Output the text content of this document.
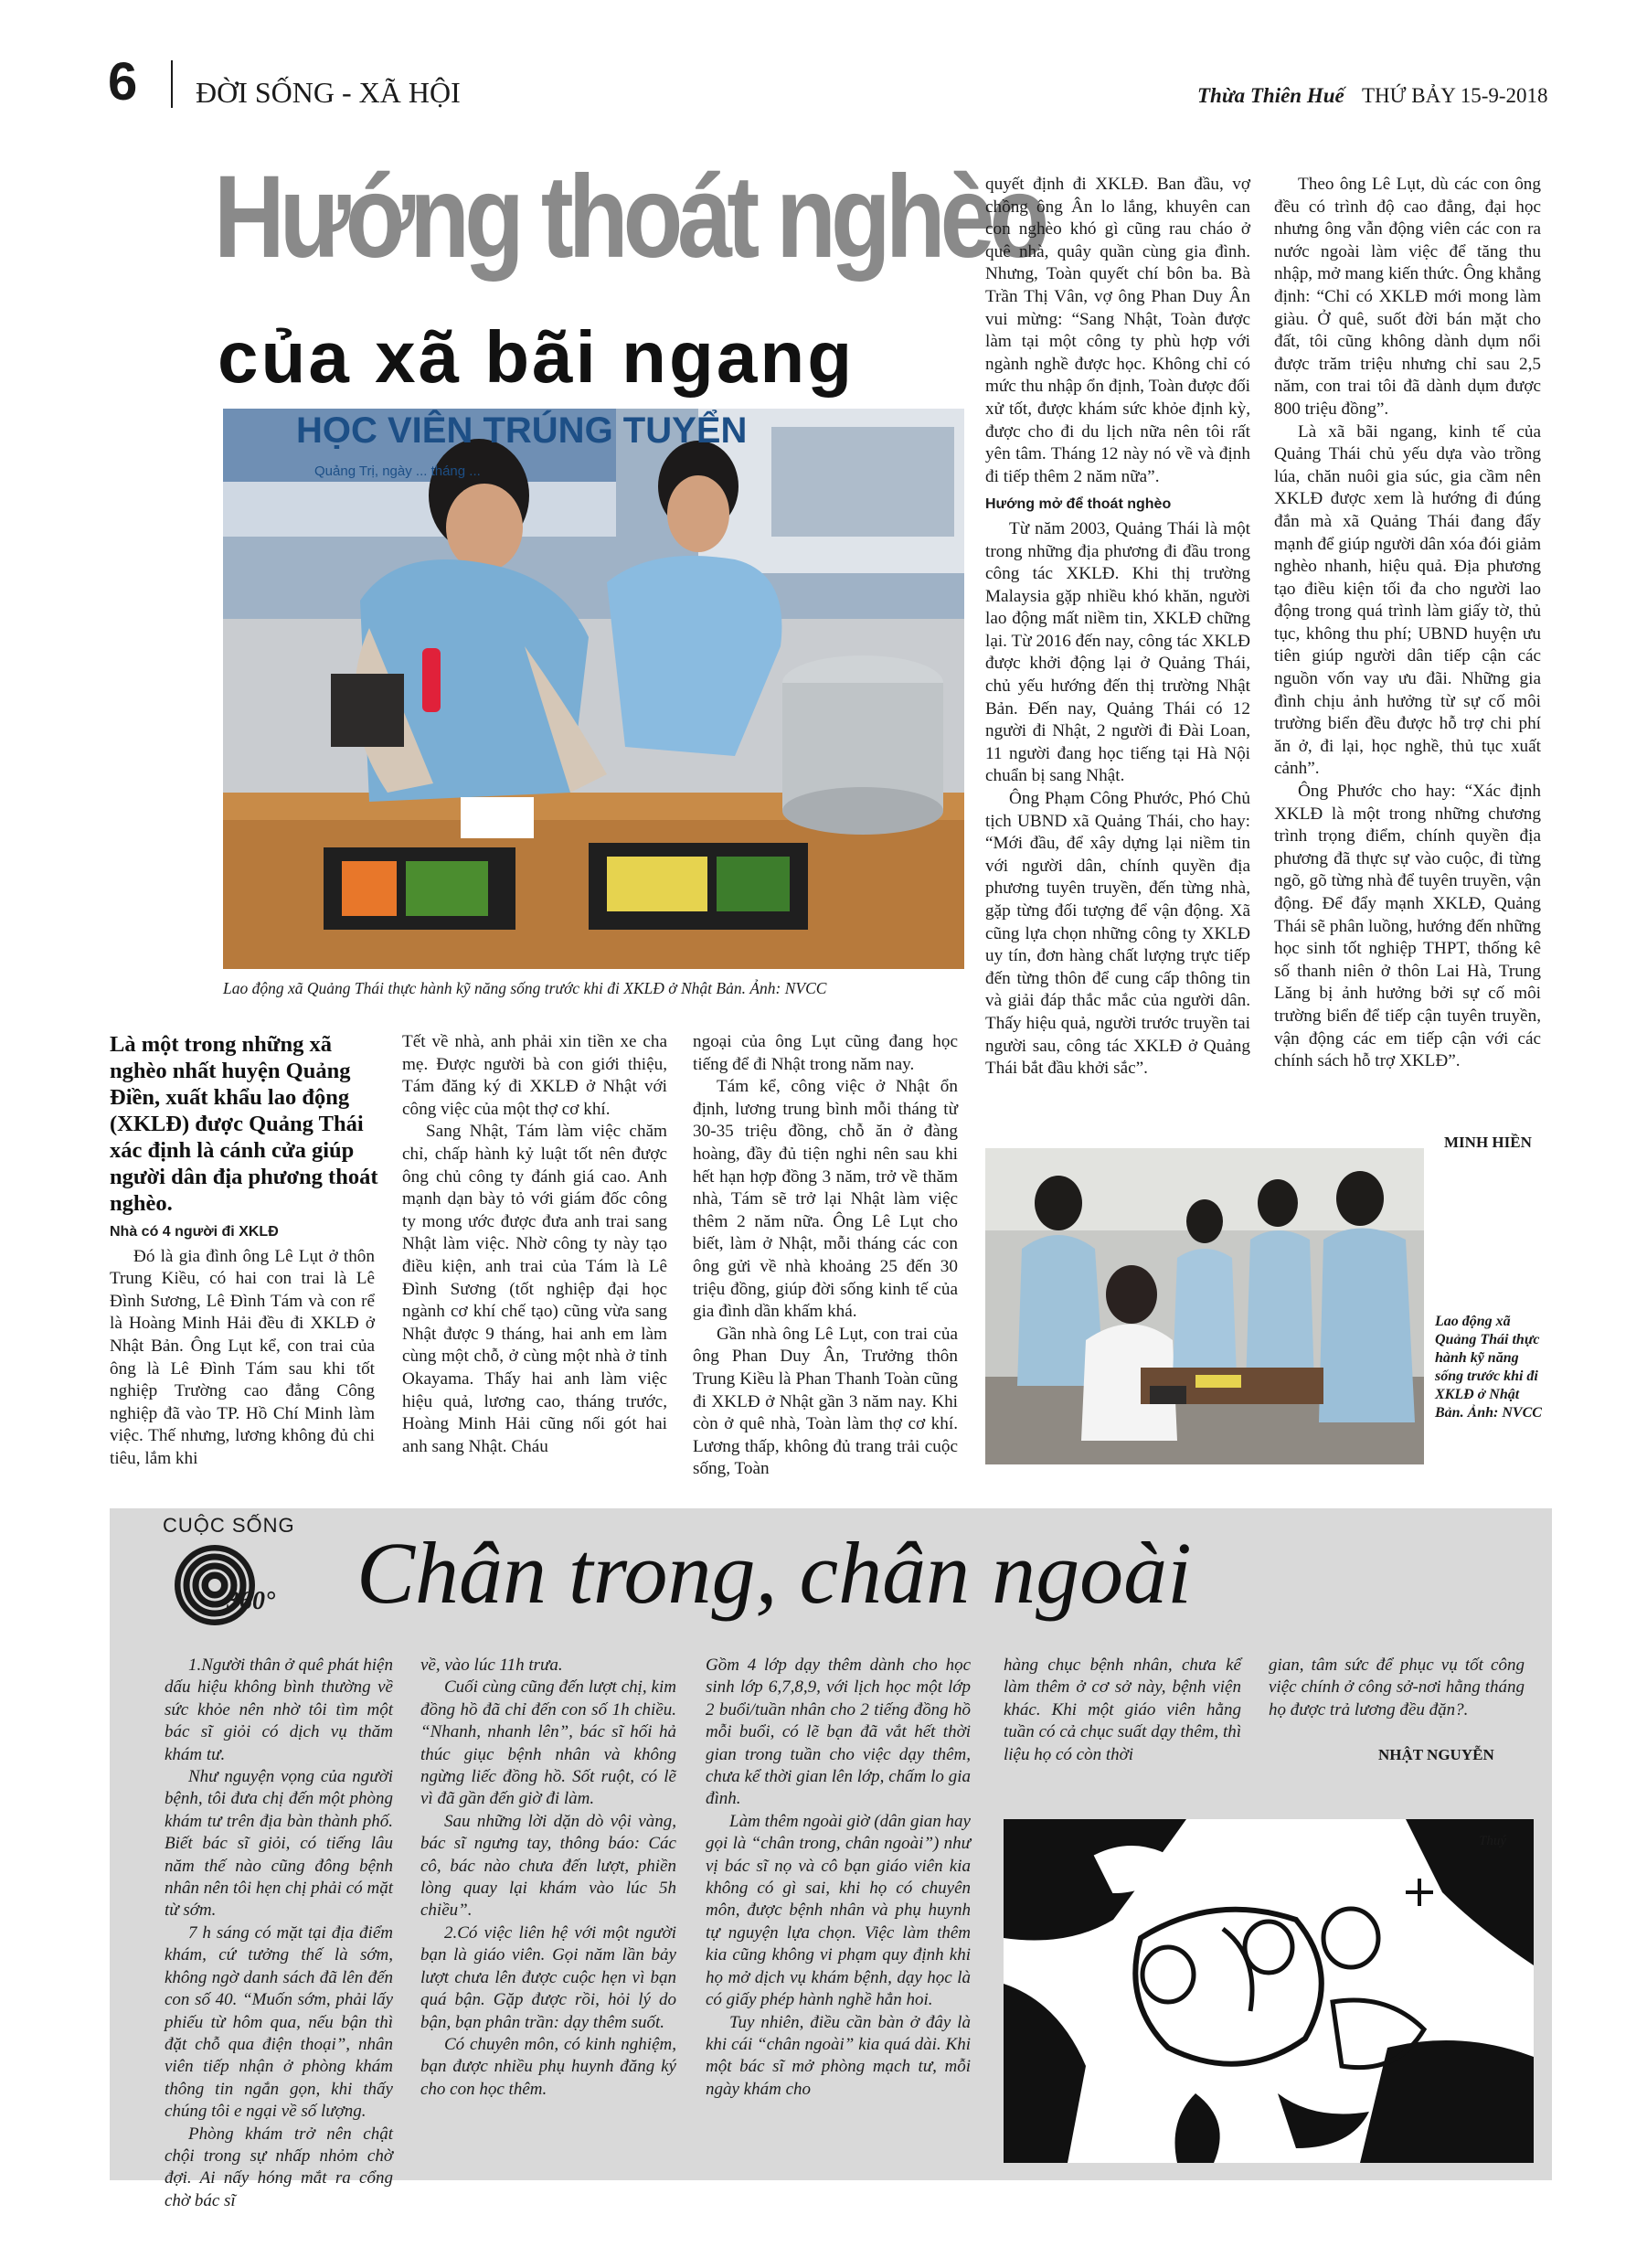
6 ĐỜI SỐNG - XÃ HỘI	Thừa Thiên Huế THỨ BẢY 15-9-2018
Hướng thoát nghèo
của xã bãi ngang
HỌC VIÊN TRÚNG TUYỂN
Quảng Trị, ngày ... tháng ...
Lao động xã Quảng Thái thực hành kỹ năng sống trước khi đi XKLĐ ở Nhật Bản. Ảnh: NVCC
Là một trong những xã nghèo nhất huyện Quảng Điền, xuất khẩu lao động (XKLĐ) được Quảng Thái xác định là cánh cửa giúp người dân địa phương thoát nghèo.

Nhà có 4 người đi XKLĐ

Đó là gia đình ông Lê Lụt ở thôn Trung Kiều, có hai con trai là Lê Đình Sương, Lê Đình Tám và con rể là Hoàng Minh Hải đều đi XKLĐ ở Nhật Bản. Ông Lụt kể, con trai của ông là Lê Đình Tám sau khi tốt nghiệp Trường cao đẳng Công nghiệp đã vào TP. Hồ Chí Minh làm việc. Thế nhưng, lương không đủ chi tiêu, lắm khi

Tết về nhà, anh phải xin tiền xe cha mẹ. Được người bà con giới thiệu, Tám đăng ký đi XKLĐ ở Nhật với công việc của một thợ cơ khí.

Sang Nhật, Tám làm việc chăm chỉ, chấp hành kỷ luật tốt nên được ông chủ công ty đánh giá cao. Anh mạnh dạn bày tỏ với giám đốc công ty mong ước được đưa anh trai sang Nhật làm việc. Nhờ công ty này tạo điều kiện, anh trai của Tám là Lê Đình Sương (tốt nghiệp đại học ngành cơ khí chế tạo) cũng vừa sang Nhật được 9 tháng, hai anh em làm cùng một chỗ, ở cùng một nhà ở tỉnh Okayama. Thấy hai anh làm việc hiệu quả, lương cao, tháng trước, Hoàng Minh Hải cũng nối gót hai anh sang Nhật. Cháu

ngoại của ông Lụt cũng đang học tiếng để đi Nhật trong năm nay.

Tám kể, công việc ở Nhật ổn định, lương trung bình mỗi tháng từ 30-35 triệu đồng, chỗ ăn ở đàng hoàng, đầy đủ tiện nghi nên sau khi hết hạn hợp đồng 3 năm, trở về thăm nhà, Tám sẽ trở lại Nhật làm việc thêm 2 năm nữa. Ông Lê Lụt cho biết, làm ở Nhật, mỗi tháng các con ông gửi về nhà khoảng 25 đến 30 triệu đồng, giúp đời sống kinh tế của gia đình dần khấm khá.

Gần nhà ông Lê Lụt, con trai của ông Phan Duy Ân, Trưởng thôn Trung Kiều là Phan Thanh Toàn cũng đi XKLĐ ở Nhật gần 3 năm nay. Khi còn ở quê nhà, Toàn làm thợ cơ khí. Lương thấp, không đủ trang trải cuộc sống, Toàn

quyết định đi XKLĐ. Ban đầu, vợ chồng ông Ân lo lắng, khuyên can con nghèo khó gì cũng rau cháo ở quê nhà, quây quần cùng gia đình. Nhưng, Toàn quyết chí bôn ba. Bà Trần Thị Vân, vợ ông Phan Duy Ân vui mừng: “Sang Nhật, Toàn được làm tại một công ty phù hợp với ngành nghề được học. Không chỉ có mức thu nhập ổn định, Toàn được đối xử tốt, được khám sức khỏe định kỳ, được cho đi du lịch nữa nên tôi rất yên tâm. Tháng 12 này nó về và định đi tiếp thêm 2 năm nữa”.

Hướng mở để thoát nghèo

Từ năm 2003, Quảng Thái là một trong những địa phương đi đầu trong công tác XKLĐ. Khi thị trường Malaysia gặp nhiều khó khăn, người lao động mất niềm tin, XKLĐ chững lại. Từ 2016 đến nay, công tác XKLĐ được khởi động lại ở Quảng Thái, chủ yếu hướng đến thị trường Nhật Bản. Đến nay, Quảng Thái có 12 người đi Nhật, 2 người đi Đài Loan, 11 người đang học tiếng tại Hà Nội chuẩn bị sang Nhật.

Ông Phạm Công Phước, Phó Chủ tịch UBND xã Quảng Thái, cho hay: “Mới đầu, để xây dựng lại niềm tin với người dân, chính quyền địa phương tuyên truyền, đến từng nhà, gặp từng đối tượng để vận động. Xã cũng lựa chọn những công ty XKLĐ uy tín, đơn hàng chất lượng trực tiếp đến từng thôn để cung cấp thông tin và giải đáp thắc mắc của người dân. Thấy hiệu quả, người trước truyền tai người sau, công tác XKLĐ ở Quảng Thái bắt đầu khởi sắc”.

Theo ông Lê Lụt, dù các con ông đều có trình độ cao đẳng, đại học nhưng ông vẫn động viên các con ra nước ngoài làm việc để tăng thu nhập, mở mang kiến thức. Ông khẳng định: “Chỉ có XKLĐ mới mong làm giàu. Ở quê, suốt đời bán mặt cho đất, tôi cũng không dành dụm nổi được trăm triệu nhưng chỉ sau 2,5 năm, con trai tôi đã dành dụm được 800 triệu đồng”.

Là xã bãi ngang, kinh tế của Quảng Thái chủ yếu dựa vào trồng lúa, chăn nuôi gia súc, gia cầm nên XKLĐ được xem là hướng đi đúng đắn mà xã Quảng Thái đang đẩy mạnh để giúp người dân xóa đói giảm nghèo nhanh, hiệu quả. Địa phương tạo điều kiện tối đa cho người lao động trong quá trình làm giấy tờ, thủ tục, không thu phí; UBND huyện ưu tiên giúp người dân tiếp cận các nguồn vốn vay ưu đãi. Những gia đình chịu ảnh hưởng từ sự cố môi trường biển đều được hỗ trợ chi phí ăn ở, đi lại, học nghề, thủ tục xuất cảnh”.

Ông Phước cho hay: “Xác định XKLĐ là một trong những chương trình trọng điểm, chính quyền địa phương đã thực sự vào cuộc, đi từng ngõ, gõ từng nhà để tuyên truyền, vận động. Để đẩy mạnh XKLĐ, Quảng Thái sẽ phân luồng, hướng đến những học sinh tốt nghiệp THPT, thống kê số thanh niên ở thôn Lai Hà, Trung Lăng bị ảnh hưởng bởi sự cố môi trường biển để tiếp cận tuyên truyền, vận động các em tiếp cận với các chính sách hỗ trợ XKLĐ”.

MINH HIỀN
Lao động xã Quảng Thái thực hành kỹ năng sống trước khi đi XKLĐ ở Nhật Bản. Ảnh: NVCC
CUỘC SỐNG
360° Chân trong, chân ngoài

1.Người thân ở quê phát hiện dấu hiệu không bình thường về sức khỏe nên nhờ tôi tìm một bác sĩ giỏi có dịch vụ thăm khám tư.

Như nguyện vọng của người bệnh, tôi đưa chị đến một phòng khám tư trên địa bàn thành phố. Biết bác sĩ giỏi, có tiếng lâu năm thế nào cũng đông bệnh nhân nên tôi hẹn chị phải có mặt từ sớm.

7 h sáng có mặt tại địa điểm khám, cứ tưởng thế là sớm, không ngờ danh sách đã lên đến con số 40. “Muốn sớm, phải lấy phiếu từ hôm qua, nếu bận thì đặt chỗ qua điện thoại”, nhân viên tiếp nhận ở phòng khám thông tin ngắn gọn, khi thấy chúng tôi e ngại về số lượng.

Phòng khám trở nên chật chội trong sự nhấp nhỏm chờ đợi. Ai nấy hóng mắt ra cổng chờ bác sĩ

về, vào lúc 11h trưa.

Cuối cùng cũng đến lượt chị, kim đồng hồ đã chỉ đến con số 1h chiều. “Nhanh, nhanh lên”, bác sĩ hối hả thúc giục bệnh nhân và không ngừng liếc đồng hồ. Sốt ruột, có lẽ vì đã gần đến giờ đi làm.

Sau những lời dặn dò vội vàng, bác sĩ ngưng tay, thông báo: Các cô, bác nào chưa đến lượt, phiền lòng quay lại khám vào lúc 5h chiều”.

2.Có việc liên hệ với một người bạn là giáo viên. Gọi năm lần bảy lượt chưa lên được cuộc hẹn vì bạn quá bận. Gặp được rồi, hỏi lý do bận, bạn phân trần: dạy thêm suốt.

Có chuyên môn, có kinh nghiệm, bạn được nhiều phụ huynh đăng ký cho con học thêm.

Gồm 4 lớp dạy thêm dành cho học sinh lớp 6,7,8,9, với lịch học một lớp 2 buổi/tuần nhân cho 2 tiếng đồng hồ mỗi buổi, có lẽ bạn đã vắt hết thời gian trong tuần cho việc dạy thêm, chưa kể thời gian lên lớp, chấm lo gia đình.

Làm thêm ngoài giờ (dân gian hay gọi là “chân trong, chân ngoài”) như vị bác sĩ nọ và cô bạn giáo viên kia không có gì sai, khi họ có chuyên môn, được bệnh nhân và phụ huynh tự nguyện lựa chọn. Việc làm thêm kia cũng không vi phạm quy định khi họ mở dịch vụ khám bệnh, dạy học là có giấy phép hành nghề hẳn hoi.

Tuy nhiên, điều cần bàn ở đây là khi cái “chân ngoài” kia quá dài. Khi một bác sĩ mở phòng mạch tư, mỗi ngày khám cho

hàng chục bệnh nhân, chưa kể làm thêm ở cơ sở này, bệnh viện khác. Khi một giáo viên hằng tuần có cả chục suất dạy thêm, thì liệu họ có còn thời

gian, tâm sức để phục vụ tốt công việc chính ở công sở-nơi hằng tháng họ được trả lương đều đặn?.

NHẬT NGUYỄN
Thuý
